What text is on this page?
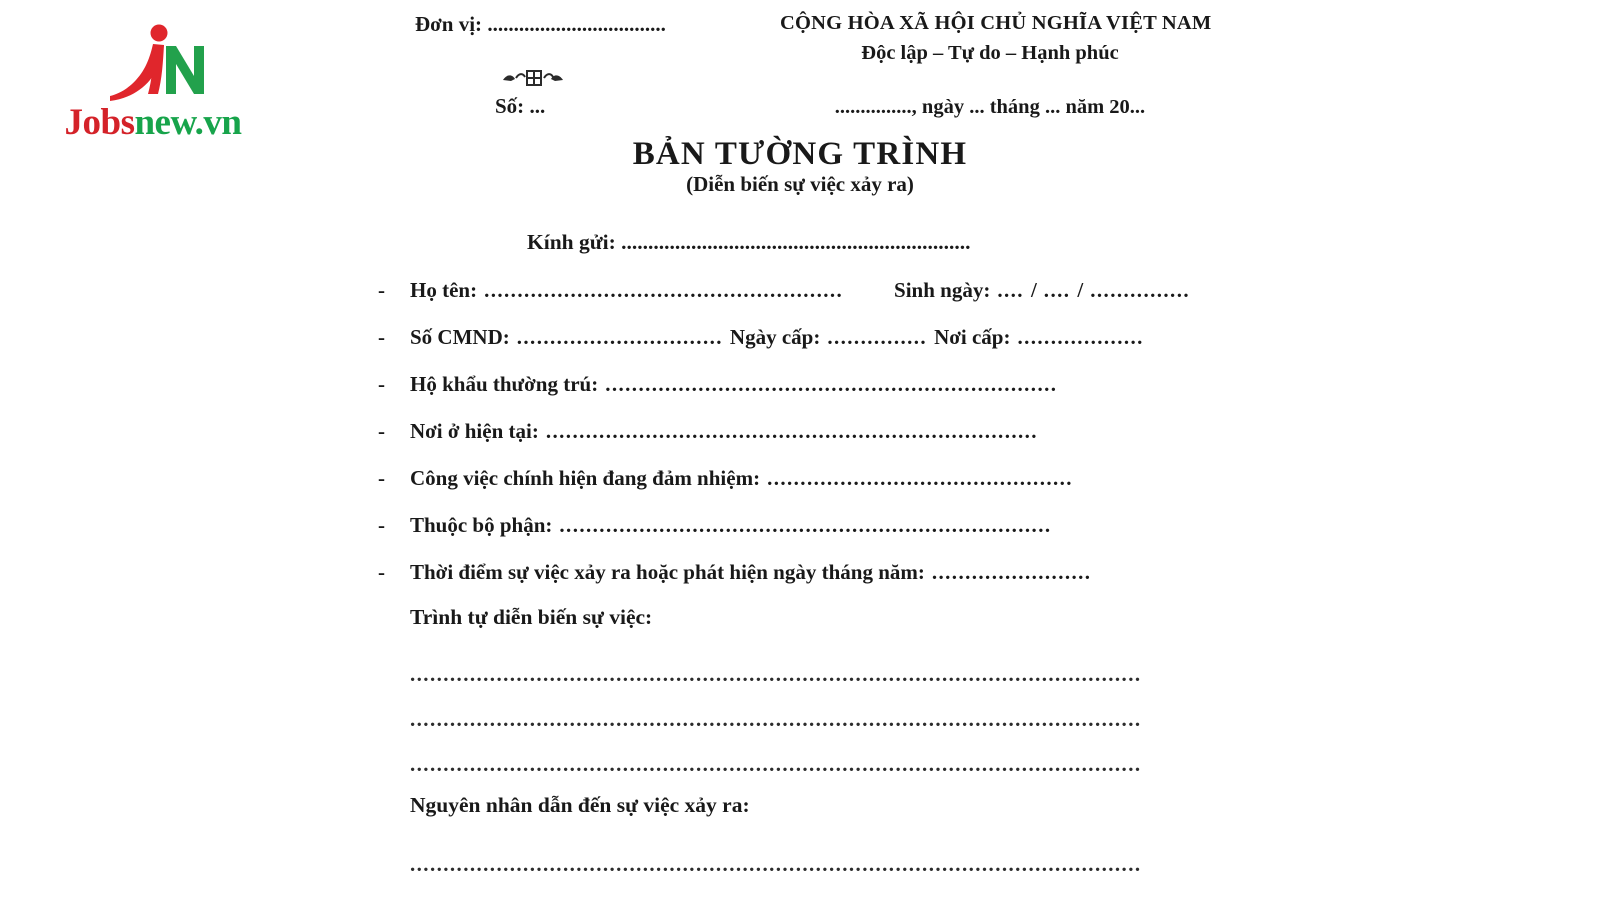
Jobsnew.vn
Đơn vị: ..................................
Số: ...
CỘNG HÒA XÃ HỘI CHỦ NGHĨA VIỆT NAM
Độc lập – Tự do – Hạnh phúc
..............., ngày ... tháng ... năm 20...
BẢN TƯỜNG TRÌNH
(Diễn biến sự việc xảy ra)
Kính gửi: .................................................................
-	Họ tên: ......................................................	Sinh ngày: .... / .... / ...............
-	Số CMND: ............................... Ngày cấp: ............... Nơi cấp: ...................
-	Hộ khẩu thường trú: ....................................................................
-	Nơi ở hiện tại: ..........................................................................
-	Công việc chính hiện đang đảm nhiệm: ..............................................
-	Thuộc bộ phận: ..........................................................................
-	Thời điểm sự việc xảy ra hoặc phát hiện ngày tháng năm: ........................
Trình tự diễn biến sự việc:
..............................................................................................................
..............................................................................................................
..............................................................................................................
Nguyên nhân dẫn đến sự việc xảy ra:
..............................................................................................................
